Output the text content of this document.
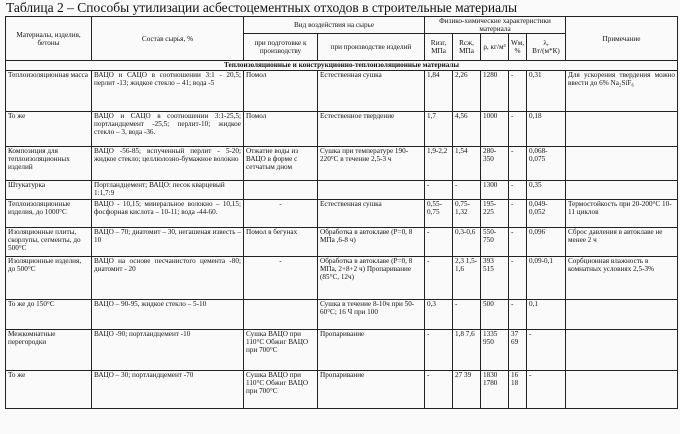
Таблица 2 – Способы утилизации асбестоцементных отходов в строительные материалы
Материалы, изделия, бетоны	Состав сырья, %	Вид воздействия на сырье		Физико-химические характеристики материала					Примечание
		при подготовке к производству	при производстве изделий	Rизг, МПа	Rсж, МПа	ρ, кг/м³	Wм, %	λ, Вт/(м*К)	
Теплоизоляционные и конструкционно-теплоизоляционные материалы									
Теплоизоляционная масса	ВАЦО и САЦО в соотношении 3:1 - 20,5; перлит -13; жидкое стекло – 41; вода -5	Помол	Естественная сушка	1,84	2,26	1280	-	0,31	Для ускорения твердения можно ввести до 6% Na₂SiF₆
То же	ВАЦО и САЦО в соотношении 3:1-25,5; портландцемент -25,5; перлит-10; жидкое стекло – 3, вода -36.	Помол	Естественное твердение	1,7	4,56	1000	-	0,18	
Композиция для теплоизоляционных изделий	ВАЦО -56-85; вспученный перлит - 5-20; жидкое стекло; целлюлозно-бумажное волокно	Отжатие воды из ВАЦО в форме с сетчатым дном	Сушка при температуре 190-220°С в течение 2,5-3 ч	1,9-2,2	1,54	280-350	-	0,068-0,075	
Штукатурка	Портландцемент; ВАЦО: песок кварцевый 1:1,7:9			-	-	1300	-	0,35	
Теплоизоляционные изделия, до 1000°С	ВАЦО - 10,15; минеральное волокно – 10,15; фосфорная кислота – 10-11; вода -44-60.	-	Естественная сушка	0,55-0,75	0,75-1,32	195-225	-	0,049-0,052	Термостойкость при 20-200°С 10-11 циклов
Изоляционные плиты, скорлупы, сегменты, до 500°С	ВАЦО – 70; диатомит – 30, негашеная известь – 10	Помол в бегунах	Обработка в автоклаве (Р=0, 8 МПа ,6-8 ч)	-	0,3-0,6	550-750	-	0,096	Сброс давления в автоклаве не менее 2 ч
Изоляционные изделия, до 500°С	ВАЦО на основе песчанистого цемента -80; диатомит - 20	-	Обработка в автоклаве (Р=0, 8 МПа, 2+8+2 ч) Пропаривание (85°С, 12ч)	-	2,3 1,5-1,6	393 515	-	0,09-0,1	Сорбционная влажность в комнатных условиях 2,5-3%
То же до 150°С	ВАЦО – 90-95, жидкое стекло – 5-10		Сушка в течение 8-10ч при 50-60°С; 16 Ч при 100	0,3	-	500	-	0,1	
Межкомнатные перегородки	ВАЦО -90; портландцемент -10	Сушка ВАЦО при 110°С Обжиг ВАЦО при 700°С	Пропаривание	-	1,8 7,6	1335 950	37 69	-	
То же	ВАЦО – 30; портландцемент -70	Сушка ВАЦО при 110°С Обжиг ВАЦО при 700°С	Пропаривание	-	27 39	1830 1780	16 18	-	
